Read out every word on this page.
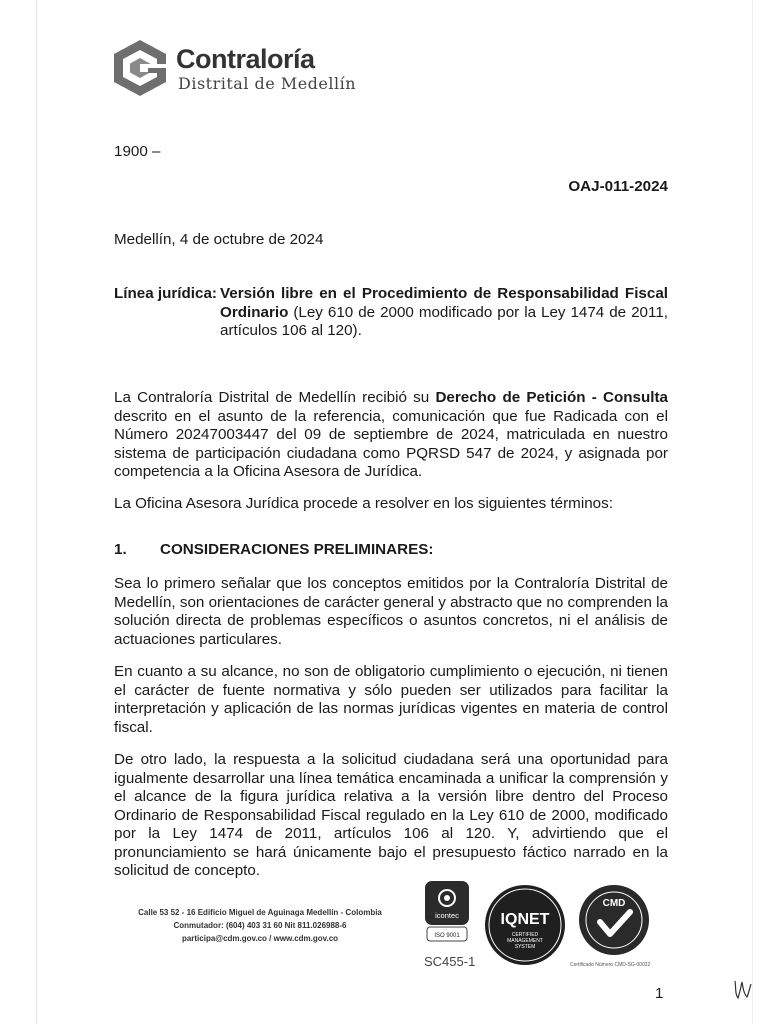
Contraloría
Distrital de Medellín
1900 –
OAJ-011-2024
Medellín, 4 de octubre de 2024
Línea jurídica: Versión libre en el Procedimiento de Responsabilidad Fiscal Ordinario (Ley 610 de 2000 modificado por la Ley 1474 de 2011, artículos 106 al 120).

La Contraloría Distrital de Medellín recibió su Derecho de Petición - Consulta descrito en el asunto de la referencia, comunicación que fue Radicada con el Número 20247003447 del 09 de septiembre de 2024, matriculada en nuestro sistema de participación ciudadana como PQRSD 547 de 2024, y asignada por competencia a la Oficina Asesora de Jurídica.

La Oficina Asesora Jurídica procede a resolver en los siguientes términos:

1. CONSIDERACIONES PRELIMINARES:

Sea lo primero señalar que los conceptos emitidos por la Contraloría Distrital de Medellín, son orientaciones de carácter general y abstracto que no comprenden la solución directa de problemas específicos o asuntos concretos, ni el análisis de actuaciones particulares.

En cuanto a su alcance, no son de obligatorio cumplimiento o ejecución, ni tienen el carácter de fuente normativa y sólo pueden ser utilizados para facilitar la interpretación y aplicación de las normas jurídicas vigentes en materia de control fiscal.

De otro lado, la respuesta a la solicitud ciudadana será una oportunidad para igualmente desarrollar una línea temática encaminada a unificar la comprensión y el alcance de la figura jurídica relativa a la versión libre dentro del Proceso Ordinario de Responsabilidad Fiscal regulado en la Ley 610 de 2000, modificado por la Ley 1474 de 2011, artículos 106 al 120. Y, advirtiendo que el pronunciamiento se hará únicamente bajo el presupuesto fáctico narrado en la solicitud de concepto.

Calle 53 52 - 16 Edificio Miguel de Aguinaga Medellín - Colombia
Conmutador: (604) 403 31 60 Nit 811.026988-6
participa@cdm.gov.co / www.cdm.gov.co
icontec
ISO 9001
SC455-1
IQNET
CERTIFIED
MANAGEMENT
SYSTEM
CMD
Certificado Número CMD-SG-00022
1
